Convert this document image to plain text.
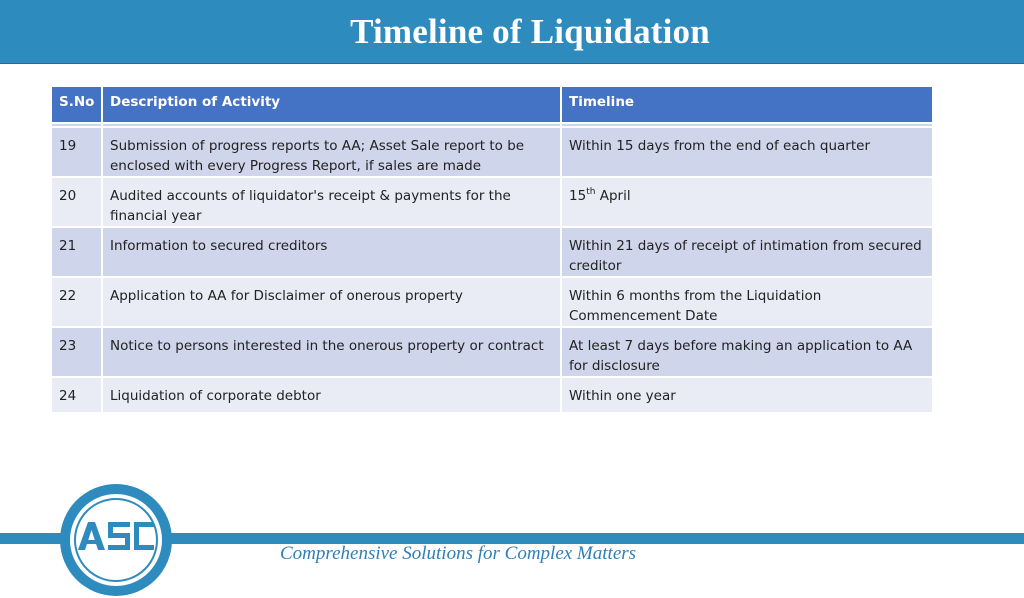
Timeline of Liquidation
S.No	Description of Activity	Timeline

19	Submission of progress reports to AA; Asset Sale report to be enclosed with every Progress Report, if sales are made	Within 15 days from the end of each quarter
20	Audited accounts of liquidator's receipt & payments for the financial year	15th April
21	Information to secured creditors	Within 21 days of receipt of intimation from secured creditor
22	Application to AA for Disclaimer of onerous property	Within 6 months from the Liquidation Commencement Date
23	Notice to persons interested in the onerous property or contract	At least 7 days before making an application to AA for disclosure
24	Liquidation of corporate debtor	Within one year
Comprehensive Solutions for Complex Matters
